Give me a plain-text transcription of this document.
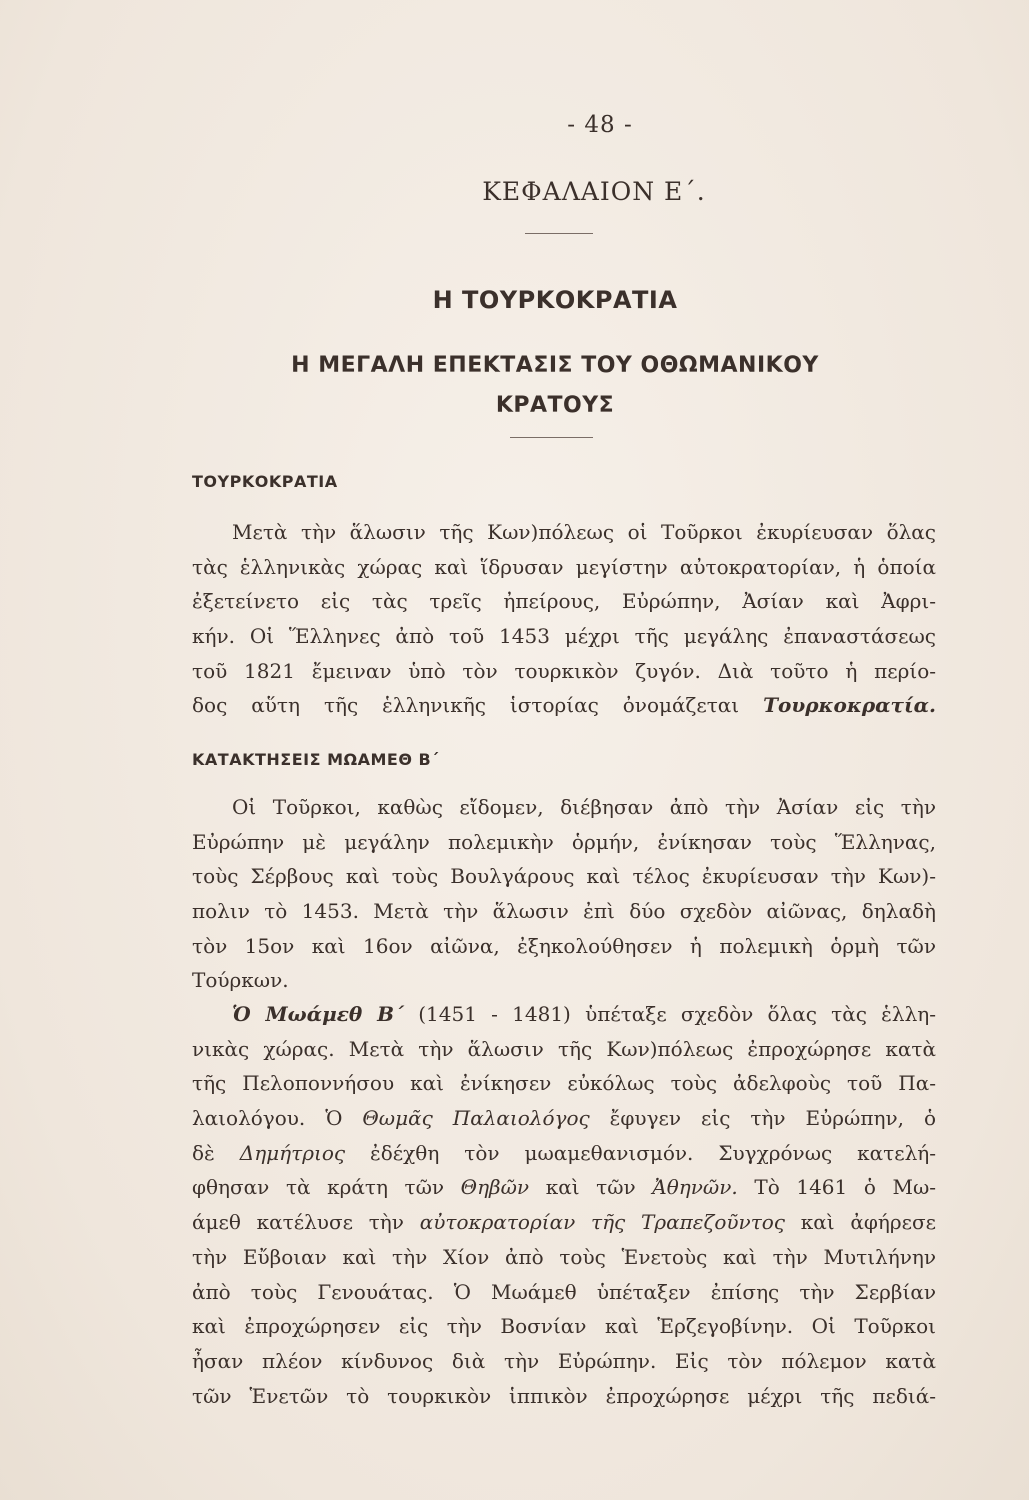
- 48 -
ΚΕΦΑΛΑΙΟΝ Ε΄.
Η ΤΟΥΡΚΟΚΡΑΤΙΑ
Η ΜΕΓΑΛΗ ΕΠΕΚΤΑΣΙΣ ΤΟΥ ΟΘΩΜΑΝΙΚΟΥ
ΚΡΑΤΟΥΣ
ΤΟΥΡΚΟΚΡΑΤΙΑ
Μετὰ τὴν ἅλωσιν τῆς Κων)πόλεως οἱ Τοῦρκοι ἐκυρίευσαν ὅλας
τὰς ἑλληνικὰς χώρας καὶ ἵδρυσαν μεγίστην αὐτοκρατορίαν, ἡ ὁποία
ἐξετείνετο εἰς τὰς τρεῖς ἠπείρους, Εὐρώπην, Ἀσίαν καὶ Ἀφρι-
κήν. Οἱ Ἕλληνες ἀπὸ τοῦ 1453 μέχρι τῆς μεγάλης ἐπαναστάσεως
τοῦ 1821 ἔμειναν ὑπὸ τὸν τουρκικὸν ζυγόν. Διὰ τοῦτο ἡ περίο-
δος αὕτη τῆς ἑλληνικῆς ἱστορίας ὀνομάζεται Τουρκοκρατία.
ΚΑΤΑΚΤΗΣΕΙΣ ΜΩΑΜΕΘ Β΄
Οἱ Τοῦρκοι, καθὼς εἴδομεν, διέβησαν ἀπὸ τὴν Ἀσίαν εἰς τὴν
Εὐρώπην μὲ μεγάλην πολεμικὴν ὁρμήν, ἐνίκησαν τοὺς Ἕλληνας,
τοὺς Σέρβους καὶ τοὺς Βουλγάρους καὶ τέλος ἐκυρίευσαν τὴν Κων)-
πολιν τὸ 1453. Μετὰ τὴν ἅλωσιν ἐπὶ δύο σχεδὸν αἰῶνας, δηλαδὴ
τὸν 15ον καὶ 16ον αἰῶνα, ἐξηκολούθησεν ἡ πολεμικὴ ὁρμὴ τῶν
Τούρκων.
Ὁ Μωάμεθ Β΄ (1451 - 1481) ὑπέταξε σχεδὸν ὅλας τὰς ἑλλη-
νικὰς χώρας. Μετὰ τὴν ἅλωσιν τῆς Κων)πόλεως ἐπροχώρησε κατὰ
τῆς Πελοποννήσου καὶ ἐνίκησεν εὐκόλως τοὺς ἀδελφοὺς τοῦ Πα-
λαιολόγου. Ὁ Θωμᾶς Παλαιολόγος ἔφυγεν εἰς τὴν Εὐρώπην, ὁ
δὲ Δημήτριος ἐδέχθη τὸν μωαμεθανισμόν. Συγχρόνως κατελή-
φθησαν τὰ κράτη τῶν Θηβῶν καὶ τῶν Ἀθηνῶν. Τὸ 1461 ὁ Μω-
άμεθ κατέλυσε τὴν αὐτοκρατορίαν τῆς Τραπεζοῦντος καὶ ἀφήρεσε
τὴν Εὔβοιαν καὶ τὴν Χίον ἀπὸ τοὺς Ἑνετοὺς καὶ τὴν Μυτιλήνην
ἀπὸ τοὺς Γενουάτας. Ὁ Μωάμεθ ὑπέταξεν ἐπίσης τὴν Σερβίαν
καὶ ἐπροχώρησεν εἰς τὴν Βοσνίαν καὶ Ἑρζεγοβίνην. Οἱ Τοῦρκοι
ἦσαν πλέον κίνδυνος διὰ τὴν Εὐρώπην. Εἰς τὸν πόλεμον κατὰ
τῶν Ἑνετῶν τὸ τουρκικὸν ἱππικὸν ἐπροχώρησε μέχρι τῆς πεδιά-
